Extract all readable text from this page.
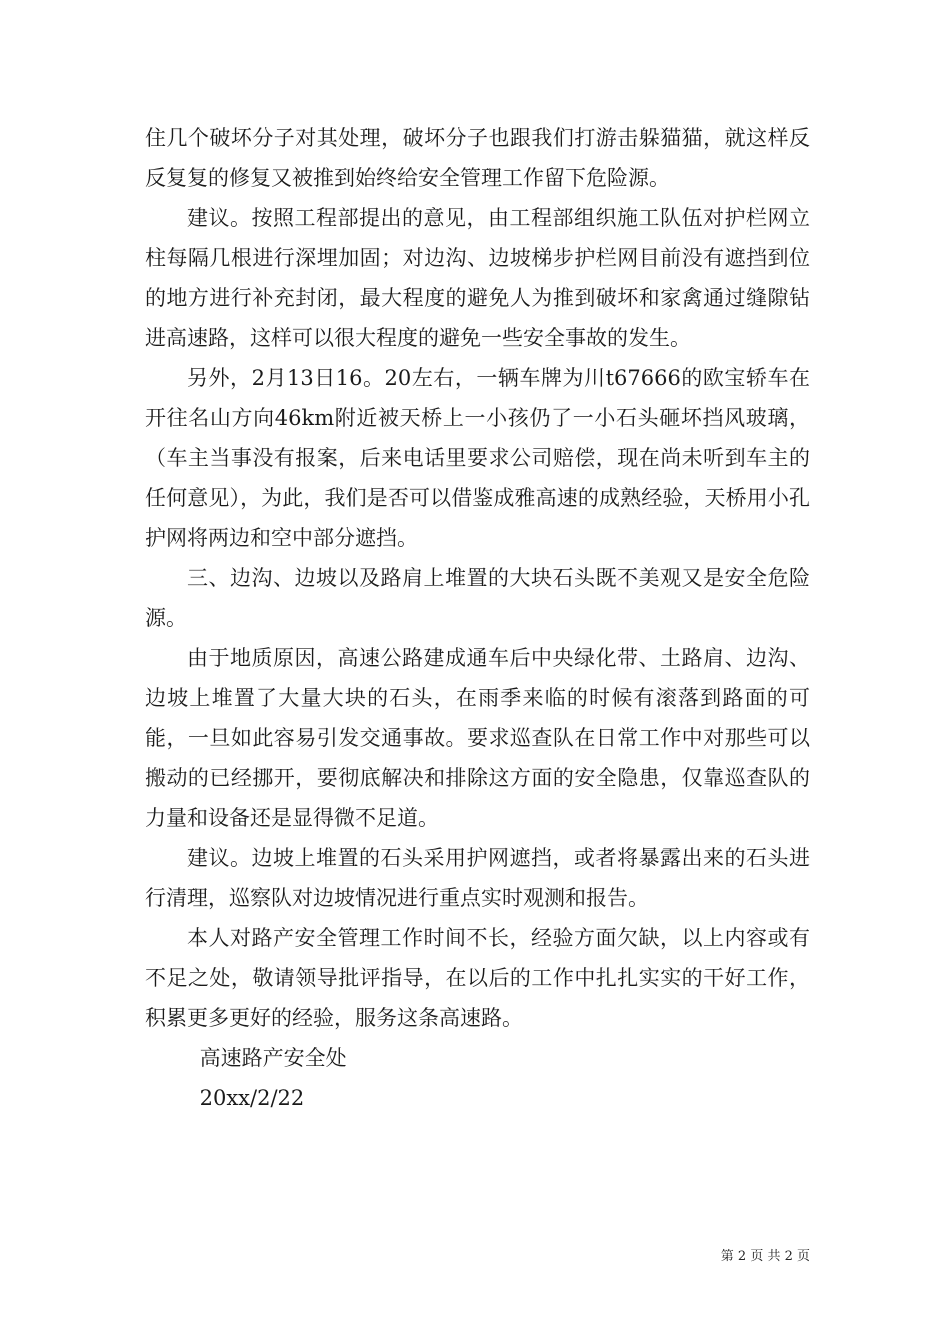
住几个破坏分子对其处理，破坏分子也跟我们打游击躲猫猫，就这样反反复复的修复又被推到始终给安全管理工作留下危险源。

建议。按照工程部提出的意见，由工程部组织施工队伍对护栏网立柱每隔几根进行深埋加固；对边沟、边坡梯步护栏网目前没有遮挡到位的地方进行补充封闭，最大程度的避免人为推到破坏和家禽通过缝隙钻进高速路，这样可以很大程度的避免一些安全事故的发生。

另外，2月13日16。20左右，一辆车牌为川t67666的欧宝轿车在开往名山方向46km附近被天桥上一小孩仍了一小石头砸坏挡风玻璃，（车主当事没有报案，后来电话里要求公司赔偿，现在尚未听到车主的任何意见），为此，我们是否可以借鉴成雅高速的成熟经验，天桥用小孔护网将两边和空中部分遮挡。

三、边沟、边坡以及路肩上堆置的大块石头既不美观又是安全危险源。

由于地质原因，高速公路建成通车后中央绿化带、土路肩、边沟、边坡上堆置了大量大块的石头，在雨季来临的时候有滚落到路面的可能，一旦如此容易引发交通事故。要求巡查队在日常工作中对那些可以搬动的已经挪开，要彻底解决和排除这方面的安全隐患，仅靠巡查队的力量和设备还是显得微不足道。

建议。边坡上堆置的石头采用护网遮挡，或者将暴露出来的石头进行清理，巡察队对边坡情况进行重点实时观测和报告。

本人对路产安全管理工作时间不长，经验方面欠缺，以上内容或有不足之处，敬请领导批评指导，在以后的工作中扎扎实实的干好工作，积累更多更好的经验，服务这条高速路。

高速路产安全处

20xx/2/22

第 2 页 共 2 页
